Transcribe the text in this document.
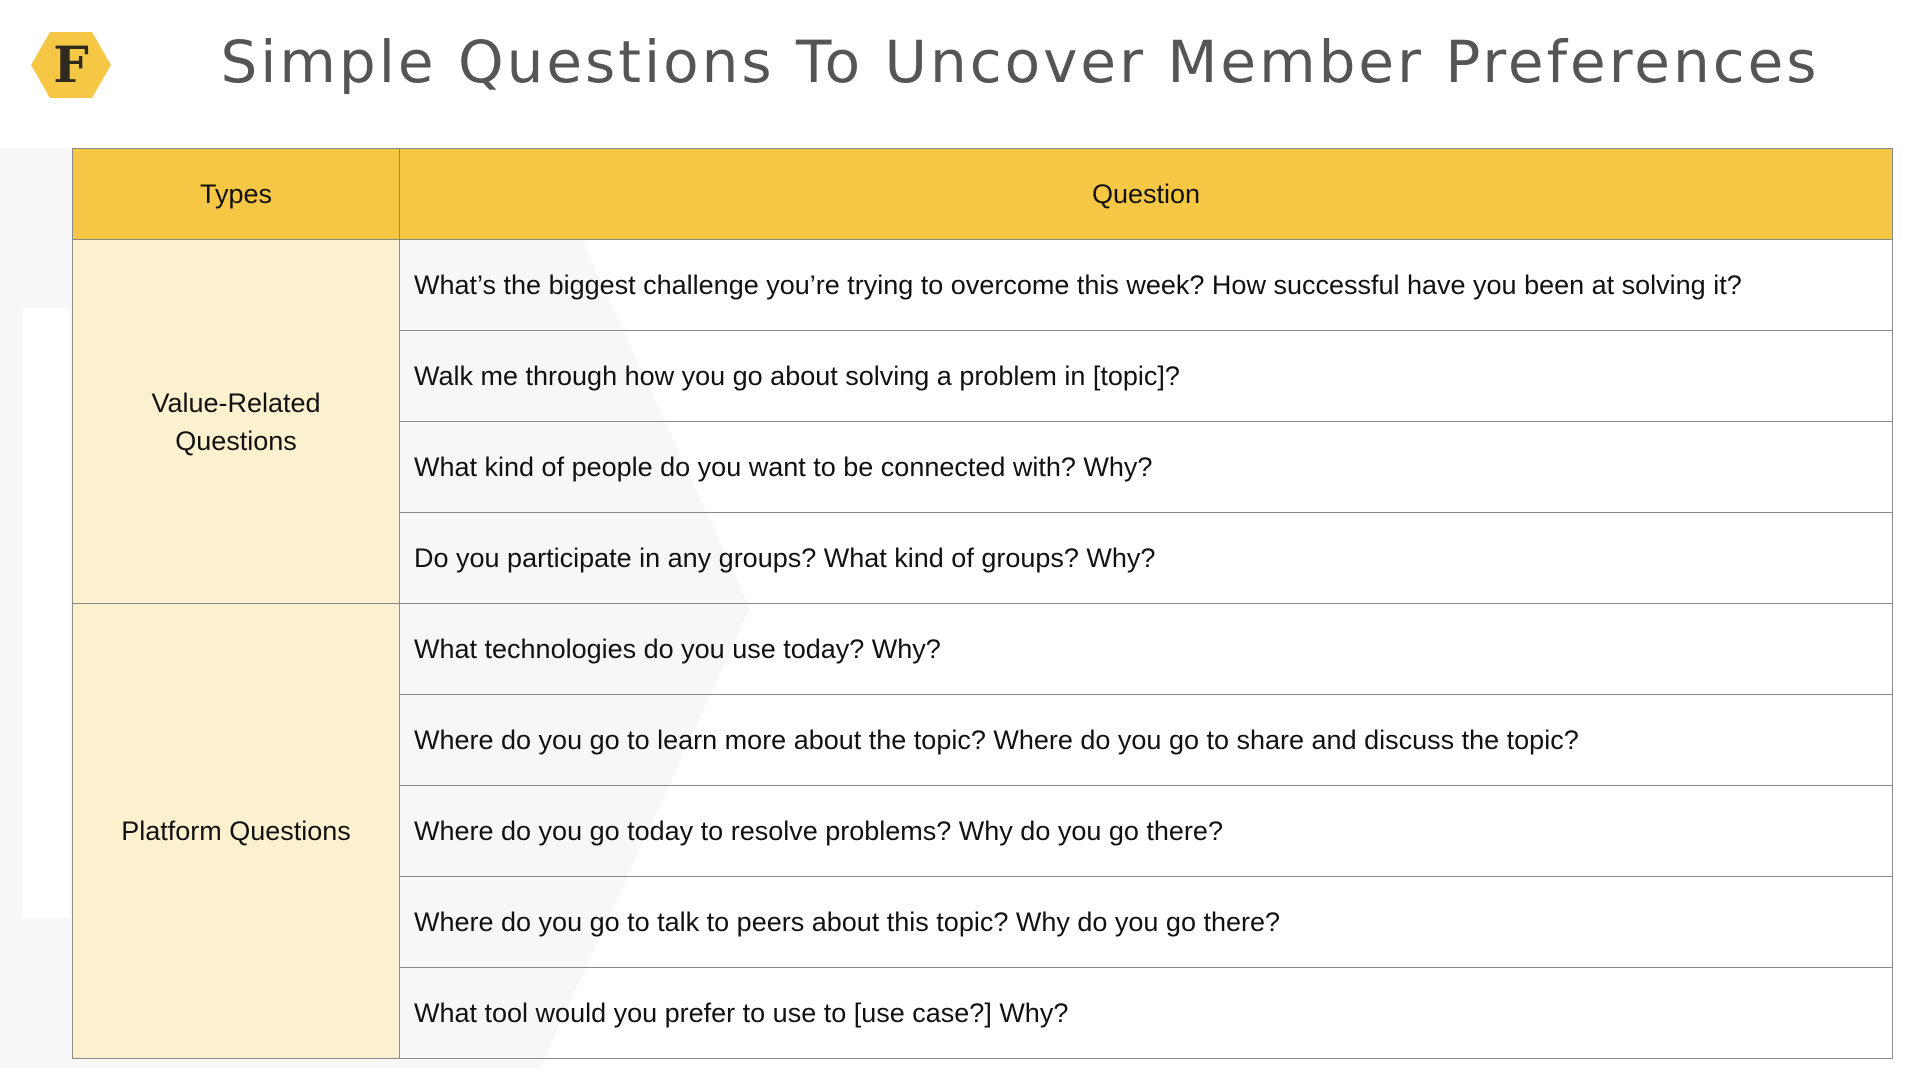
F	Simple Questions To Uncover Member Preferences
Types	Question
Value-Related Questions	What’s the biggest challenge you’re trying to overcome this week? How successful have you been at solving it?
	Walk me through how you go about solving a problem in [topic]?
	What kind of people do you want to be connected with? Why?
	Do you participate in any groups? What kind of groups? Why?
Platform Questions	What technologies do you use today? Why?
	Where do you go to learn more about the topic? Where do you go to share and discuss the topic?
	Where do you go today to resolve problems? Why do you go there?
	Where do you go to talk to peers about this topic? Why do you go there?
	What tool would you prefer to use to [use case?] Why?
